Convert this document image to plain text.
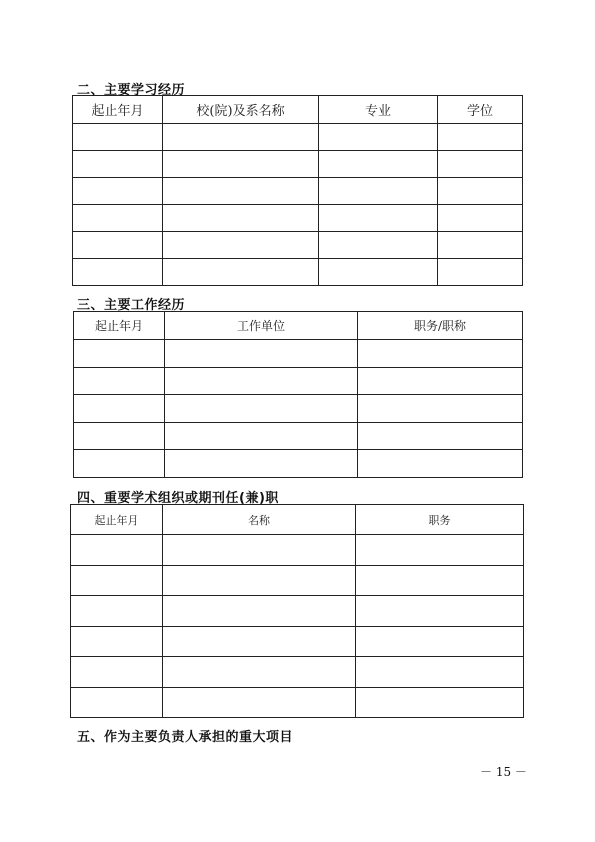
二、主要学习经历
起止年月	校(院)及系名称	专业	学位

三、主要工作经历
起止年月	工作单位	职务/职称

四、重要学术组织或期刊任(兼)职
起止年月	名称	职务

五、作为主要负责人承担的重大项目
－ 15 －
